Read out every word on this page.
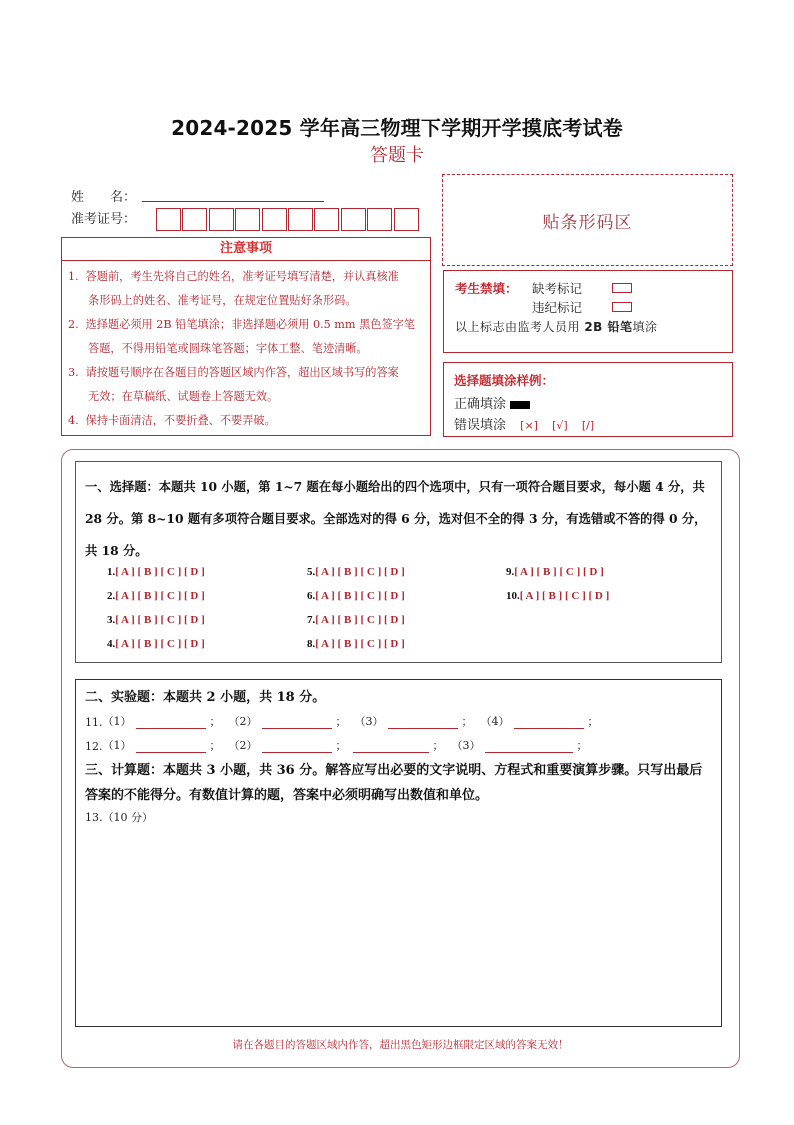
2024-2025 学年高三物理下学期开学摸底考试卷
答题卡
姓　　名：
准考证号：
注意事项
1. 答题前，考生先将自己的姓名，准考证号填写清楚，并认真核准
条形码上的姓名、准考证号，在规定位置贴好条形码。
2. 选择题必须用 2B 铅笔填涂；非选择题必须用 0.5 mm 黑色签字笔
答题，不得用铅笔或圆珠笔答题；字体工整、笔迹清晰。
3. 请按题号顺序在各题目的答题区域内作答，超出区域书写的答案
无效；在草稿纸、试题卷上答题无效。
4. 保持卡面清洁，不要折叠、不要弄破。
贴条形码区
考生禁填： 缺考标记
违纪标记
以上标志由监考人员用 2B 铅笔填涂
选择题填涂样例：
正确填涂
错误填涂 [×] [√] [/]
一、选择题：本题共 10 小题，第 1~7 题在每小题给出的四个选项中，只有一项符合题目要求，每小题 4 分，共 28 分。第 8~10 题有多项符合题目要求。全部选对的得 6 分，选对但不全的得 3 分，有选错或不答的得 0 分，共 18 分。
1.[ A ] [ B ] [ C ] [ D ]
2.[ A ] [ B ] [ C ] [ D ]
3.[ A ] [ B ] [ C ] [ D ]
4.[ A ] [ B ] [ C ] [ D ]
5.[ A ] [ B ] [ C ] [ D ]
6.[ A ] [ B ] [ C ] [ D ]
7.[ A ] [ B ] [ C ] [ D ]
8.[ A ] [ B ] [ C ] [ D ]
9.[ A ] [ B ] [ C ] [ D ]
10.[ A ] [ B ] [ C ] [ D ]
二、实验题：本题共 2 小题，共 18 分。
11. （1）	； （2）	； （3）	； （4）	；
12. （1）	； （2）	；	； （3）	；
三、计算题：本题共 3 小题，共 36 分。解答应写出必要的文字说明、方程式和重要演算步骤。只写出最后答案的不能得分。有数值计算的题，答案中必须明确写出数值和单位。
13.（10 分）
请在各题目的答题区域内作答，超出黑色矩形边框限定区域的答案无效！
